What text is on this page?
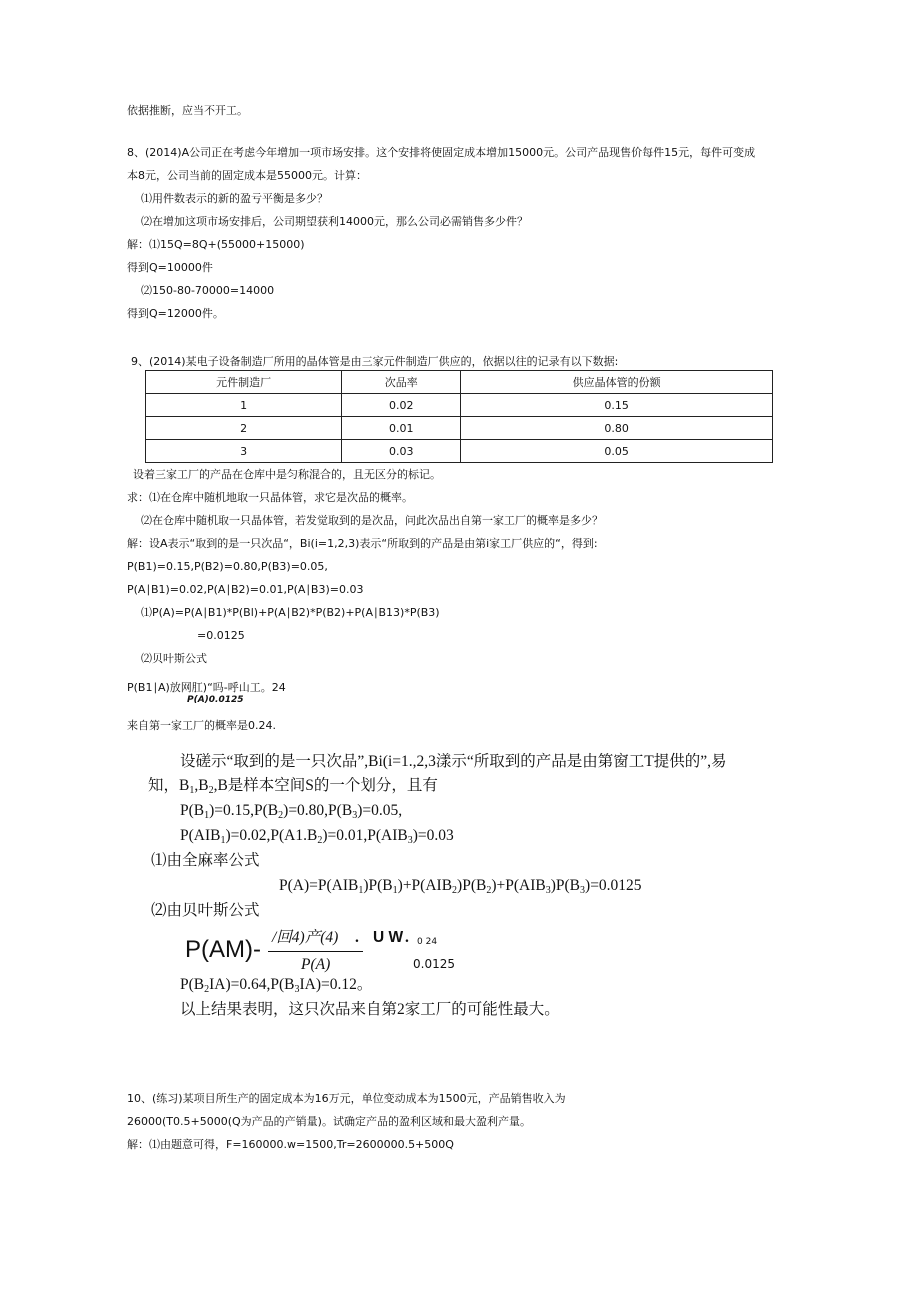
依据推断，应当不开工。
8、(2014)A公司正在考虑今年增加一项市场安排。这个安排将使固定成本增加15000元。公司产品现售价每件15元，每件可变成
本8元，公司当前的固定成本是55000元。计算：
⑴用件数表示的新的盈亏平衡是多少？
⑵在增加这项市场安排后，公司期望获利14000元，那么公司必需销售多少件？
解：⑴15Q=8Q+(55000+15000)
得到Q=10000件
⑵150-80-70000=14000
得到Q=12000件。
9、(2014)某电子设备制造厂所用的晶体管是由三家元件制造厂供应的，依据以往的记录有以下数据:
元件制造厂	次品率	供应晶体管的份额
1	0.02	0.15
2	0.01	0.80
3	0.03	0.05
设着三家工厂的产品在仓库中是匀称混合的，且无区分的标记。
求：⑴在仓库中随机地取一只晶体管，求它是次品的概率。
⑵在仓库中随机取一只晶体管，若发觉取到的是次品，问此次品出自第一家工厂的概率是多少？
解：设A表示“取到的是一只次品“，Bi(i=1,2,3)表示“所取到的产品是由第i家工厂供应的“，得到:
P(B1)=0.15,P(B2)=0.80,P(B3)=0.05,
P(A∣B1)=0.02,P(A∣B2)=0.01,P(A∣B3)=0.03
⑴P(A)=P(A∣B1)*P(Bl)+P(A∣B2)*P(B2)+P(A∣B13)*P(B3)
=0.0125
⑵贝叶斯公式
P(B1∣A)放网肛)“吗-呼山工。24
P(A)0.0125
来自第一家工厂的概率是0.24.
设磋示“取到的是一只次品”,Bi(i=1.,2,3漾示“所取到的产品是由第窗工T提供的”,易
知，$B_1,B_2,B$是样本空间S的一个划分，且有
$P(B_1)=0.15,P(B_2)=0.80,P(B_3)=0.05$,
$P(AIB_1)=0.02,P(A1.B_2)=0.01,P(AIB_3)=0.03$
⑴由全麻率公式
$P(A)=P(AIB_1)P(B_1)+P(AIB_2)P(B_2)+P(AIB_3)P(B_3)=0.0125$
⑵由贝叶斯公式
P(AM)- /回4)产(4)
P(A)
. U W . 0 24
0.0125
$P(B_2IA)=0.64,P(B_3IA)=0.12$。
以上结果表明，这只次品来自第2家工厂的可能性最大。
10、(练习)某项目所生产的固定成本为16万元，单位变动成本为1500元，产品销售收入为
26000(T0.5+5000(Q为产品的产销量)。试确定产品的盈利区域和最大盈利产量。
解：⑴由题意可得，F=160000.w=1500,Tr=2600000.5+500Q
